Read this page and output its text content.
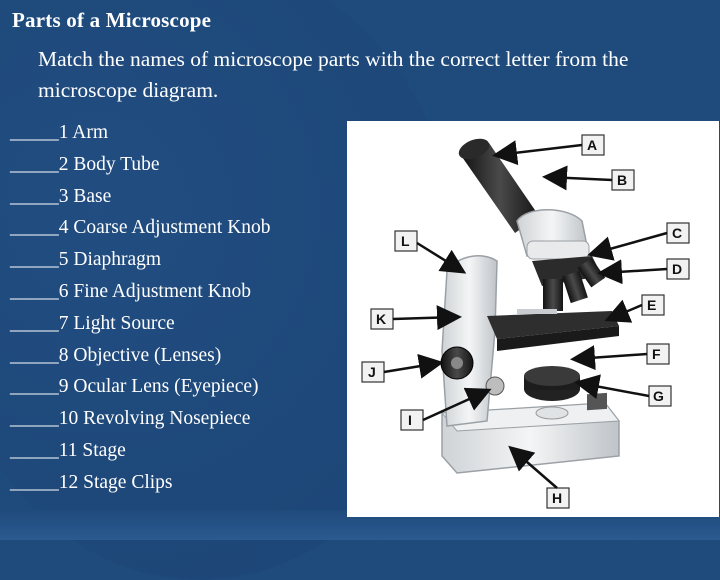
Parts of a Microscope
Match the names of microscope parts with the correct letter from the microscope diagram.
_____1 Arm
_____2 Body Tube
_____3 Base
_____4 Coarse Adjustment Knob
_____5 Diaphragm
_____6 Fine Adjustment Knob
_____7 Light Source
_____8 Objective (Lenses)
_____9 Ocular Lens (Eyepiece)
_____10 Revolving Nosepiece
_____11 Stage
_____12 Stage Clips
A
B
C
D
E
F
G
H
I
J
K
L
